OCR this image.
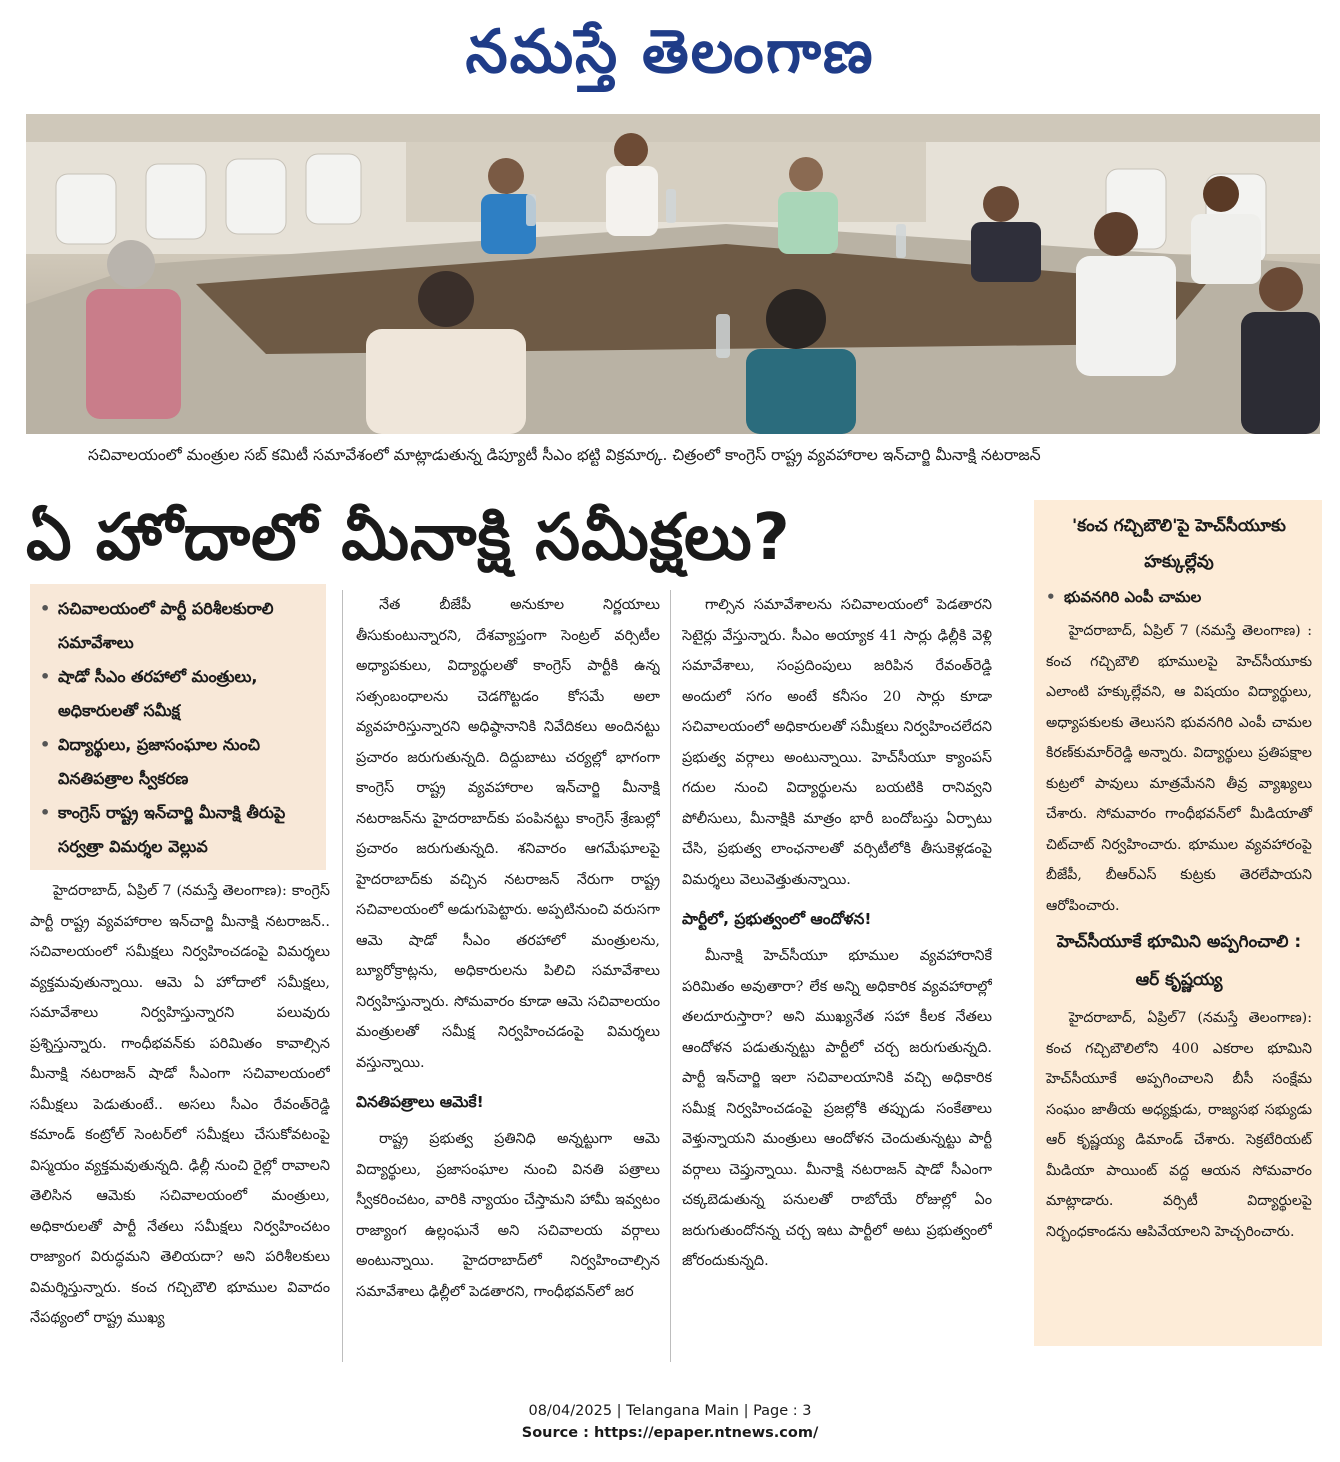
నమస్తే తెలంగాణ
సచివాలయంలో మంత్రుల సబ్ కమిటీ సమావేశంలో మాట్లాడుతున్న డిప్యూటీ సీఎం భట్టి విక్రమార్క. చిత్రంలో కాంగ్రెస్ రాష్ట్ర వ్యవహారాల ఇన్‌చార్జి మీనాక్షి నటరాజన్
ఏ హోదాలో మీనాక్షి సమీక్షలు?
• సచివాలయంలో పార్టీ పరిశీలకురాలి సమావేశాలు
• షాడో సీఎం తరహాలో మంత్రులు, అధికారులతో సమీక్ష
• విద్యార్థులు, ప్రజాసంఘాల నుంచి వినతిపత్రాల స్వీకరణ
• కాంగ్రెస్ రాష్ట్ర ఇన్‌చార్జి మీనాక్షి తీరుపై సర్వత్రా విమర్శల వెల్లువ

హైదరాబాద్, ఏప్రిల్ 7 (నమస్తే తెలంగాణ): కాంగ్రెస్ పార్టీ రాష్ట్ర వ్యవహారాల ఇన్‌చార్జి మీనాక్షి నటరాజన్.. సచివాలయంలో సమీక్షలు నిర్వహించడంపై విమర్శలు వ్యక్తమవుతున్నాయి. ఆమె ఏ హోదాలో సమీక్షలు, సమావేశాలు నిర్వహిస్తున్నారని పలువురు ప్రశ్నిస్తున్నారు. గాంధీభవన్‌కు పరిమితం కావాల్సిన మీనాక్షి నటరాజన్ షాడో సీఎంగా సచివాలయంలో సమీక్షలు పెడుతుంటే.. అసలు సీఎం రేవంత్‌రెడ్డి కమాండ్ కంట్రోల్ సెంటర్‌లో సమీక్షలు చేసుకోవటంపై విస్మయం వ్యక్తమవుతున్నది. ఢిల్లీ నుంచి రైల్లో రావాలని తెలిసిన ఆమెకు సచివాలయంలో మంత్రులు, అధికారులతో పార్టీ నేతలు సమీక్షలు నిర్వహించటం రాజ్యాంగ విరుద్ధమని తెలియదా? అని పరిశీలకులు విమర్శిస్తున్నారు. కంచ గచ్చిబౌలి భూముల వివాదం నేపథ్యంలో రాష్ట్ర ముఖ్య

నేత బీజేపీ అనుకూల నిర్ణయాలు తీసుకుంటున్నారని, దేశవ్యాప్తంగా సెంట్రల్ వర్సిటీల అధ్యాపకులు, విద్యార్థులతో కాంగ్రెస్ పార్టీకి ఉన్న సత్సంబంధాలను చెడగొట్టడం కోసమే అలా వ్యవహరిస్తున్నారని అధిష్ఠానానికి నివేదికలు అందినట్టు ప్రచారం జరుగుతున్నది. దిద్దుబాటు చర్యల్లో భాగంగా కాంగ్రెస్ రాష్ట్ర వ్యవహారాల ఇన్‌చార్జి మీనాక్షి నటరాజన్‌ను హైదరాబాద్‌కు పంపినట్టు కాంగ్రెస్ శ్రేణుల్లో ప్రచారం జరుగుతున్నది. శనివారం ఆగమేఘాలపై హైదరాబాద్‌కు వచ్చిన నటరాజన్ నేరుగా రాష్ట్ర సచివాలయంలో అడుగుపెట్టారు. అప్పటినుంచి వరుసగా ఆమె షాడో సీఎం తరహాలో మంత్రులను, బ్యూరోక్రాట్లను, అధికారులను పిలిచి సమావేశాలు నిర్వహిస్తున్నారు. సోమవారం కూడా ఆమె సచివాలయం మంత్రులతో సమీక్ష నిర్వహించడంపై విమర్శలు వస్తున్నాయి.

వినతిపత్రాలు ఆమెకే!

రాష్ట్ర ప్రభుత్వ ప్రతినిధి అన్నట్టుగా ఆమె విద్యార్థులు, ప్రజాసంఘాల నుంచి వినతి పత్రాలు స్వీకరించటం, వారికి న్యాయం చేస్తామని హామీ ఇవ్వటం రాజ్యాంగ ఉల్లంఘనే అని సచివాలయ వర్గాలు అంటున్నాయి. హైదరాబాద్‌లో నిర్వహించాల్సిన సమావేశాలు ఢిల్లీలో పెడతారని, గాంధీభవన్‌లో జర

గాల్సిన సమావేశాలను సచివాలయంలో పెడతారని సెటైర్లు వేస్తున్నారు. సీఎం అయ్యాక 41 సార్లు ఢిల్లీకి వెళ్లి సమావేశాలు, సంప్రదింపులు జరిపిన రేవంత్‌రెడ్డి అందులో సగం అంటే కనీసం 20 సార్లు కూడా సచివాలయంలో అధికారులతో సమీక్షలు నిర్వహించలేదని ప్రభుత్వ వర్గాలు అంటున్నాయి. హెచ్‌సీయూ క్యాంపస్ గదుల నుంచి విద్యార్థులను బయటికి రానివ్వని పోలీసులు, మీనాక్షికి మాత్రం భారీ బందోబస్తు ఏర్పాటు చేసి, ప్రభుత్వ లాంఛనాలతో వర్సిటీలోకి తీసుకెళ్లడంపై విమర్శలు వెలువెత్తుతున్నాయి.

పార్టీలో, ప్రభుత్వంలో ఆందోళన!

మీనాక్షి హెచ్‌సీయూ భూముల వ్యవహారానికే పరిమితం అవుతారా? లేక అన్ని అధికారిక వ్యవహారాల్లో తలదూరుస్తారా? అని ముఖ్యనేత సహా కీలక నేతలు ఆందోళన పడుతున్నట్టు పార్టీలో చర్చ జరుగుతున్నది. పార్టీ ఇన్‌చార్జి ఇలా సచివాలయానికి వచ్చి అధికారిక సమీక్ష నిర్వహించడంపై ప్రజల్లోకి తప్పుడు సంకేతాలు వెళ్తున్నాయని మంత్రులు ఆందోళన చెందుతున్నట్టు పార్టీ వర్గాలు చెప్తున్నాయి. మీనాక్షి నటరాజన్ షాడో సీఎంగా చక్కబెడుతున్న పనులతో రాబోయే రోజుల్లో ఏం జరుగుతుందోనన్న చర్చ ఇటు పార్టీలో అటు ప్రభుత్వంలో జోరందుకున్నది.

'కంచ గచ్చిబౌలి'పై హెచ్‌సీయూకు హక్కుల్లేవు
• భువనగిరి ఎంపీ చామల

హైదరాబాద్, ఏప్రిల్ 7 (నమస్తే తెలంగాణ) : కంచ గచ్చిబౌలి భూములపై హెచ్‌సీయూకు ఎలాంటి హక్కుల్లేవని, ఆ విషయం విద్యార్థులు, అధ్యాపకులకు తెలుసని భువనగిరి ఎంపీ చామల కిరణ్‌కుమార్‌రెడ్డి అన్నారు. విద్యార్థులు ప్రతిపక్షాల కుట్రలో పావులు మాత్రమేనని తీవ్ర వ్యాఖ్యలు చేశారు. సోమవారం గాంధీభవన్‌లో మీడియాతో చిట్‌చాట్ నిర్వహించారు. భూముల వ్యవహారంపై బీజేపీ, బీఆర్‌ఎస్ కుట్రకు తెరలేపాయని ఆరోపించారు.

హెచ్‌సీయూకే భూమిని అప్పగించాలి : ఆర్ కృష్ణయ్య

హైదరాబాద్, ఏప్రిల్7 (నమస్తే తెలంగాణ): కంచ గచ్చిబౌలిలోని 400 ఎకరాల భూమిని హెచ్‌సీయూకే అప్పగించాలని బీసీ సంక్షేమ సంఘం జాతీయ అధ్యక్షుడు, రాజ్యసభ సభ్యుడు ఆర్ కృష్ణయ్య డిమాండ్ చేశారు. సెక్రటేరియట్ మీడియా పాయింట్ వద్ద ఆయన సోమవారం మాట్లాడారు. వర్సిటీ విద్యార్థులపై నిర్బంధకాండను ఆపివేయాలని హెచ్చరించారు.

08/04/2025 | Telangana Main | Page : 3
Source : https://epaper.ntnews.com/
